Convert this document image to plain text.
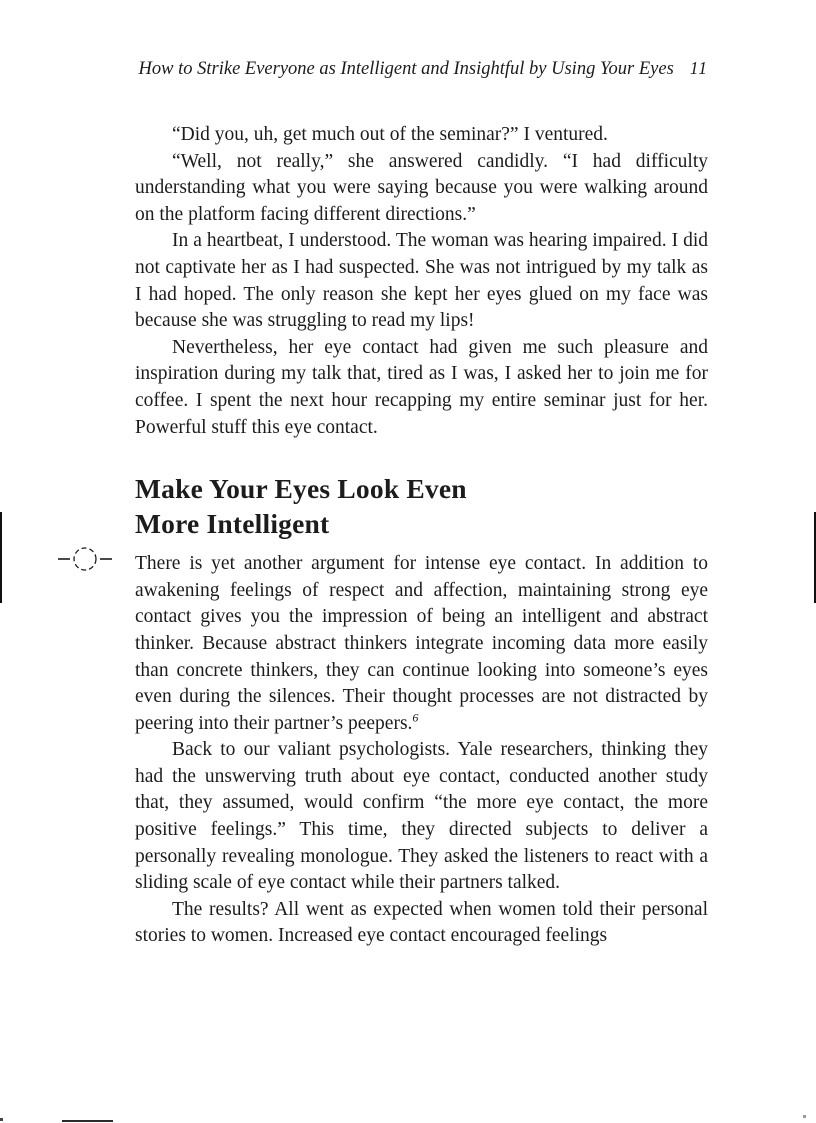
How to Strike Everyone as Intelligent and Insightful by Using Your Eyes 11

“Did you, uh, get much out of the seminar?” I ventured.

“Well, not really,” she answered candidly. “I had difficulty understanding what you were saying because you were walking around on the platform facing different directions.”

In a heartbeat, I understood. The woman was hearing impaired. I did not captivate her as I had suspected. She was not intrigued by my talk as I had hoped. The only reason she kept her eyes glued on my face was because she was struggling to read my lips!

Nevertheless, her eye contact had given me such pleasure and inspiration during my talk that, tired as I was, I asked her to join me for coffee. I spent the next hour recapping my entire seminar just for her. Powerful stuff this eye contact.

Make Your Eyes Look Even
More Intelligent

There is yet another argument for intense eye contact. In addition to awakening feelings of respect and affection, maintaining strong eye contact gives you the impression of being an intelligent and abstract thinker. Because abstract thinkers integrate incoming data more easily than concrete thinkers, they can continue looking into someone’s eyes even during the silences. Their thought processes are not distracted by peering into their partner’s peepers.$^6$

Back to our valiant psychologists. Yale researchers, thinking they had the unswerving truth about eye contact, conducted another study that, they assumed, would confirm “the more eye contact, the more positive feelings.” This time, they directed subjects to deliver a personally revealing monologue. They asked the listeners to react with a sliding scale of eye contact while their partners talked.

The results? All went as expected when women told their personal stories to women. Increased eye contact encouraged feelings
